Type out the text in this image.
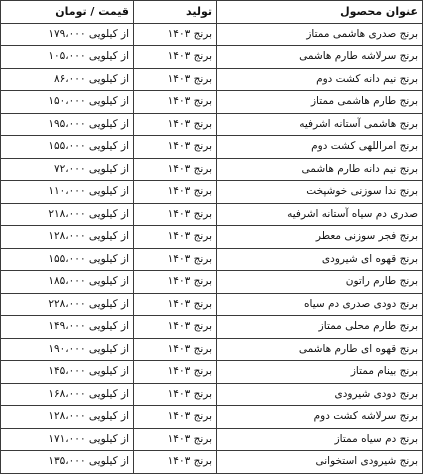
عنوان محصول	تولید	قیمت / تومان
برنج صدری هاشمی ممتاز	برنج ۱۴۰۳	از کیلویی ۱۷۹،۰۰۰
برنج سرلاشه طارم هاشمی	برنج ۱۴۰۳	از کیلویی ۱۰۵،۰۰۰
برنج نیم دانه کشت دوم	برنج ۱۴۰۳	از کیلویی ۸۶،۰۰۰
برنج طارم هاشمی ممتاز	برنج ۱۴۰۳	از کیلویی ۱۵۰،۰۰۰
برنج هاشمی آستانه اشرفیه	برنج ۱۴۰۳	از کیلویی ۱۹۵،۰۰۰
برنج امراللهی کشت دوم	برنج ۱۴۰۳	از کیلویی ۱۵۵،۰۰۰
برنج نیم دانه طارم هاشمی	برنج ۱۴۰۳	از کیلویی ۷۲،۰۰۰
برنج ندا سوزنی خوشپخت	برنج ۱۴۰۳	از کیلویی ۱۱۰،۰۰۰
صدری دم سیاه آستانه اشرفیه	برنج ۱۴۰۳	از کیلویی ۲۱۸،۰۰۰
برنج فجر سوزنی معطر	برنج ۱۴۰۳	از کیلویی ۱۲۸،۰۰۰
برنج قهوه ای شیرودی	برنج ۱۴۰۳	از کیلویی ۱۵۵،۰۰۰
برنج طارم راتون	برنج ۱۴۰۳	از کیلویی ۱۸۵،۰۰۰
برنج دودی صدری دم سیاه	برنج ۱۴۰۳	از کیلویی ۲۲۸،۰۰۰
برنج طارم محلی ممتاز	برنج ۱۴۰۳	از کیلویی ۱۴۹،۰۰۰
برنج قهوه ای طارم هاشمی	برنج ۱۴۰۳	از کیلویی ۱۹۰،۰۰۰
برنج بینام ممتاز	برنج ۱۴۰۳	از کیلویی ۱۴۵،۰۰۰
برنج دودی شیرودی	برنج ۱۴۰۳	از کیلویی ۱۶۸،۰۰۰
برنج سرلاشه کشت دوم	برنج ۱۴۰۳	از کیلویی ۱۲۸،۰۰۰
برنج دم سیاه ممتاز	برنج ۱۴۰۳	از کیلویی ۱۷۱،۰۰۰
برنج شیرودی استخوانی	برنج ۱۴۰۳	از کیلویی ۱۳۵،۰۰۰
